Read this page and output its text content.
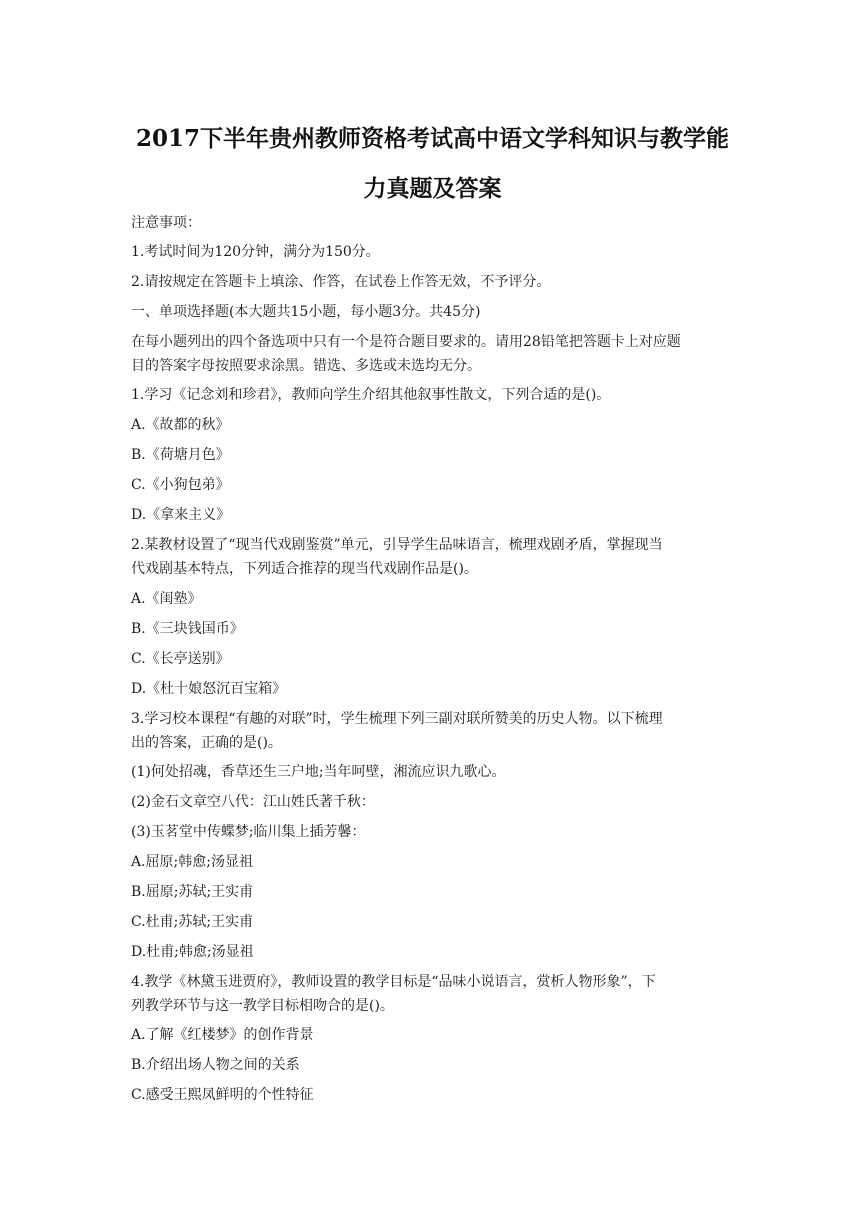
2017下半年贵州教师资格考试高中语文学科知识与教学能
力真题及答案
注意事项：
1.考试时间为120分钟，满分为150分。
2.请按规定在答题卡上填涂、作答，在试卷上作答无效，不予评分。
一、单项选择题(本大题共15小题，每小题3分。共45分)
在每小题列出的四个备选项中只有一个是符合题目要求的。请用28铅笔把答题卡上对应题
目的答案字母按照要求涂黑。错选、多选或未选均无分。
1.学习《记念刘和珍君》，教师向学生介绍其他叙事性散文，下列合适的是()。
A.《故都的秋》
B.《荷塘月色》
C.《小狗包弟》
D.《拿来主义》
2.某教材设置了“现当代戏剧鉴赏”单元，引导学生品味语言，梳理戏剧矛盾，掌握现当
代戏剧基本特点，下列适合推荐的现当代戏剧作品是()。
A.《闺塾》
B.《三块钱国币》
C.《长亭送别》
D.《杜十娘怒沉百宝箱》
3.学习校本课程“有趣的对联”时，学生梳理下列三副对联所赞美的历史人物。以下梳理
出的答案，正确的是()。
(1)何处招魂，香草还生三户地;当年呵壁，湘流应识九歌心。
(2)金石文章空八代：江山姓氏著千秋：
(3)玉茗堂中传蝶梦;临川集上插芳馨：
A.屈原;韩愈;汤显祖
B.屈原;苏轼;王实甫
C.杜甫;苏轼;王实甫
D.杜甫;韩愈;汤显祖
4.教学《林黛玉进贾府》，教师设置的教学目标是“品味小说语言，赏析人物形象”，下
列教学环节与这一教学目标相吻合的是()。
A.了解《红楼梦》的创作背景
B.介绍出场人物之间的关系
C.感受王熙凤鲜明的个性特征
